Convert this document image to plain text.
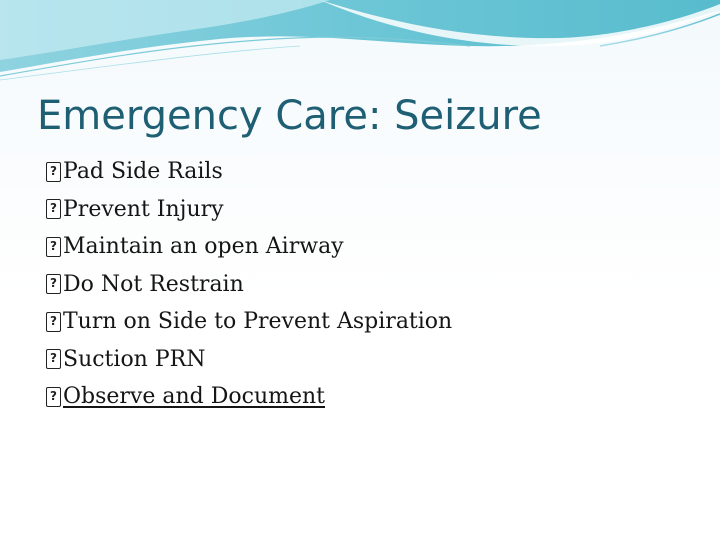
Emergency Care: Seizure
?
Pad Side Rails
?
Prevent Injury
?
Maintain an open Airway
?
Do Not Restrain
?
Turn on Side to Prevent Aspiration
?
Suction PRN
?
Observe and Document
